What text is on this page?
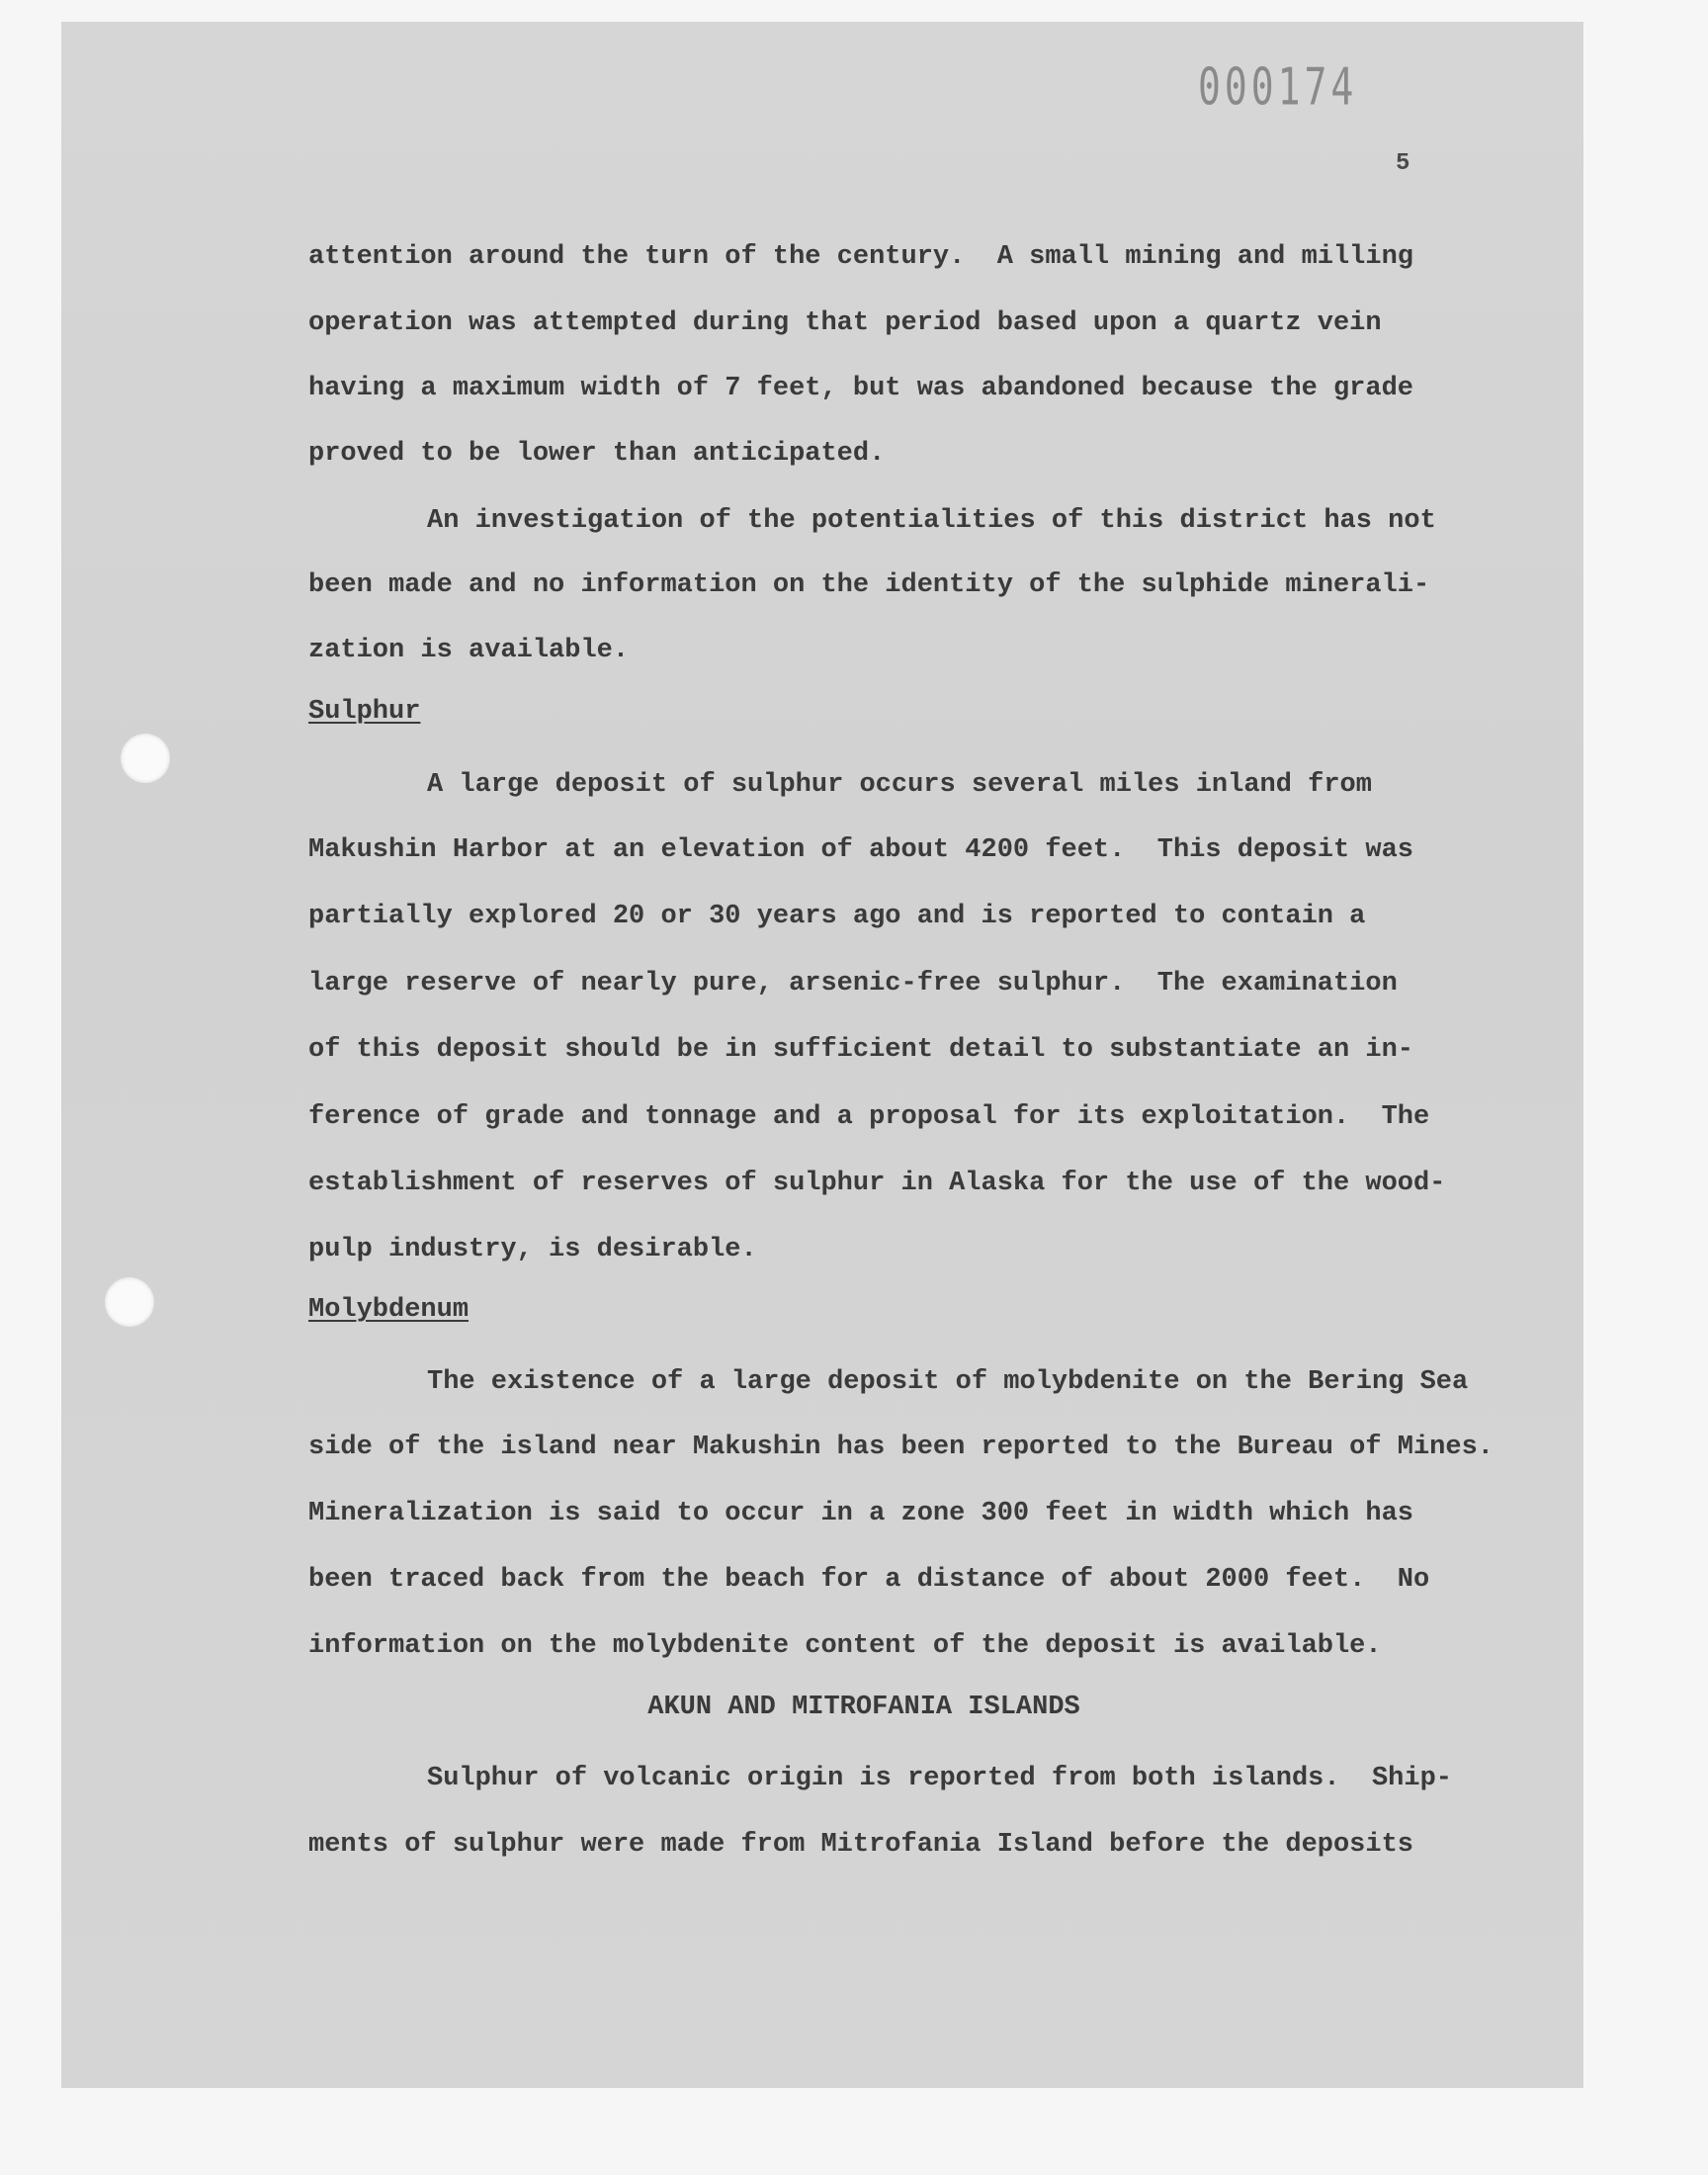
000174
5
attention around the turn of the century.  A small mining and milling
operation was attempted during that period based upon a quartz vein
having a maximum width of 7 feet, but was abandoned because the grade
proved to be lower than anticipated.
An investigation of the potentialities of this district has not
been made and no information on the identity of the sulphide minerali-
zation is available.
Sulphur
A large deposit of sulphur occurs several miles inland from
Makushin Harbor at an elevation of about 4200 feet.  This deposit was
partially explored 20 or 30 years ago and is reported to contain a
large reserve of nearly pure, arsenic-free sulphur.  The examination
of this deposit should be in sufficient detail to substantiate an in-
ference of grade and tonnage and a proposal for its exploitation.  The
establishment of reserves of sulphur in Alaska for the use of the wood-
pulp industry, is desirable.
Molybdenum
The existence of a large deposit of molybdenite on the Bering Sea
side of the island near Makushin has been reported to the Bureau of Mines.
Mineralization is said to occur in a zone 300 feet in width which has
been traced back from the beach for a distance of about 2000 feet.  No
information on the molybdenite content of the deposit is available.
AKUN AND MITROFANIA ISLANDS
Sulphur of volcanic origin is reported from both islands.  Ship-
ments of sulphur were made from Mitrofania Island before the deposits
